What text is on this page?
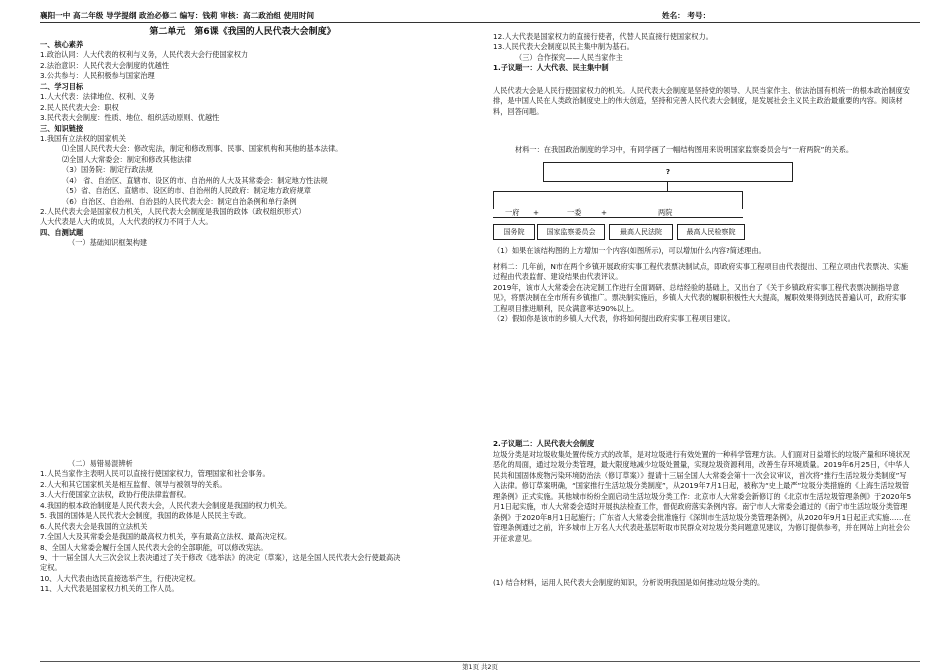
襄阳一中 高二年级 导学提纲 政治必修二 编写：钱莉 审核：高二政治组 使用时间	姓名： 考号：
第二单元　第6课《我国的人民代表大会制度》
一、核心素养
1.政治认同：人大代表的权利与义务，人民代表大会行使国家权力
2.法治意识：人民代表大会制度的优越性
3.公共参与：人民积极参与国家治理
二、学习目标
1.人大代表：法律地位、权利、义务
2.民人民代表大会：职权
3.民代表大会制度：性质、地位、组织活动原则、优越性
三、知识链接
1.我国有立法权的国家机关
⑴全国人民代表大会：修改宪法，制定和修改刑事、民事、国家机构和其他的基本法律。
⑵全国人大常委会：制定和修改其他法律
（3）国务院：制定行政法规
（4） 省、自治区、直辖市、设区的市、自治州的人大及其常委会：制定地方性法规
（5）省、自治区、直辖市、设区的市、自治州的人民政府：制定地方政府规章
（6）自治区、自治州、自治县的人民代表大会：制定自治条例和单行条例
2.人民代表大会是国家权力机关，人民代表大会制度是我国的政体（政权组织形式）
人大代表是人大的成员，人大代表的权力不同于人大。
四、自测试题
（一）基础知识框架构建
（二）易错易混辨析
1.人民当家作主表明人民可以直接行使国家权力，管理国家和社会事务。
2.人大和其它国家机关是相互监督、领导与被领导的关系。
3.人大行使国家立法权，政协行使法律监督权。
4.我国的根本政治制度是人民代表大会，人民代表大会制度是我国的权力机关。
5. 我国的国体是人民代表大会制度，我国的政体是人民民主专政。
6.人民代表大会是我国的立法机关
7.全国人大及其常委会是我国的最高权力机关，享有最高立法权、最高决定权。
8、全国人大常委会履行全国人民代表大会的全部职能，可以修改宪法。
9、十一届全国人大三次会议上表决通过了关于修改《选举法》的决定（草案），这是全国人民代表大会行使最高决
定权。
10、人大代表由选民直接选举产生，行使决定权。
11、人大代表是国家权力机关的工作人员。
12.人大代表是国家权力的直接行使者，代替人民直接行使国家权力。
13.人民代表大会制度以民主集中制为基石。
（三）合作探究——人民当家作主
1.子议题一：人大代表、民主集中制
人民代表大会是人民行使国家权力的机关。人民代表大会制度是坚持党的领导、人民当家作主、依法治国有机统一的根本政治制度安排，是中国人民在人类政治制度史上的伟大创造，坚持和完善人民代表大会制度，是发展社会主义民主政治最重要的内容。阅读材料，回答问题。
材料一：在我国政治制度的学习中，有同学画了一幅结构图用来说明国家监察委员会与“一府两院”的关系。
?
一府 +	一委	+	两院
国务院	国家监察委员会	最高人民法院	最高人民检察院
（1）如果在该结构图的上方增加一个内容(如图所示)，可以增加什么内容?简述理由。
材料二：几年前，N市在两个乡镇开展政府实事工程代表票决制试点，即政府实事工程项目由代表提出、工程立项由代表票决、实施过程由代表监督、建设结果由代表评议。
2019年，该市人大常委会在决定制工作进行全面调研、总结经验的基础上，又出台了《关于乡镇政府实事工程代表票决制指导意见》，将票决制在全市所有乡镇推广。票决制实施后，乡镇人大代表的履职积极性大大提高，履职效果得到选民普遍认可，政府实事工程项目推进顺利，民众满意率达90%以上。
（2）假如你是该市的乡镇人大代表，你将如何提出政府实事工程项目建议。
2.子议题二：人民代表大会制度
垃圾分类是对垃圾收集处置传统方式的改革，是对垃圾进行有效处置的一种科学管理方法。人们面对日益增长的垃圾产量和环境状况恶化的局面，通过垃圾分类管理，最大限度地减少垃圾处置量，实现垃圾资源利用，改善生存环境质量。2019年6月25日，《中华人民共和国固体废物污染环境防治法（修订草案）》提请十三届全国人大常委会第十一次会议审议，首次将“推行生活垃圾分类制度”写入法律。修订草案明确，“国家推行生活垃圾分类制度”，从2019年7月1日起，被称为“史上最严”垃圾分类措施的《上海生活垃圾管理条例》正式实施。其他城市纷纷全面启动生活垃圾分类工作：北京市人大常委会新修订的《北京市生活垃圾管理条例》于2020年5月1日起实施，市人大常委会适时开展执法检查工作，督促政府落实条例内容。南宁市人大常委会通过的《南宁市生活垃圾分类管理条例》于2020年8月1日起施行；广东省人大常委会批准施行《深圳市生活垃圾分类管理条例》，从2020年9月1日起正式实施……在管理条例通过之前，许多城市上万名人大代表赴基层听取市民群众对垃圾分类问题意见建议，为修订提供参考，并在网站上向社会公开征求意见。
(1) 结合材料，运用人民代表大会制度的知识，分析说明我国是如何推动垃圾分类的。
第1页 共2页
